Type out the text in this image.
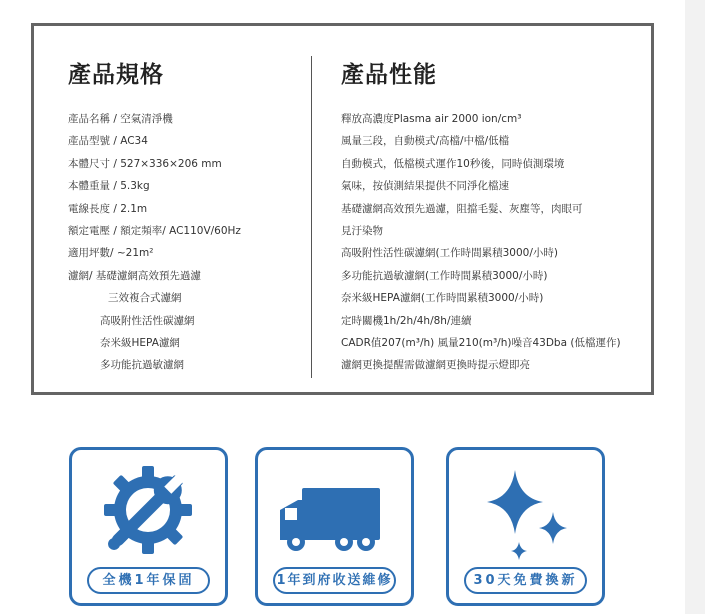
產品規格	產品性能
產品名稱 / 空氣清淨機
產品型號 / AC34
本體尺寸 / 527×336×206 mm
本體重量 / 5.3kg
電線長度 / 2.1m
額定電壓 / 額定頻率/ AC110V/60Hz
適用坪數/ ~21m²
濾網/ 基礎濾網高效預先過濾
三效複合式濾網
高吸附性活性碳濾網
奈米級HEPA濾網
多功能抗過敏濾網
釋放高濃度Plasma air 2000 ion/cm³
風量三段，自動模式/高檔/中檔/低檔
自動模式，低檔模式運作10秒後，同時偵測環境
氣味，按偵測結果提供不同淨化檔速
基礎濾網高效預先過濾，阻擋毛髮、灰塵等，肉眼可
見汙染物
高吸附性活性碳濾網(工作時間累積3000/小時)
多功能抗過敏濾網(工作時間累積3000/小時)
奈米級HEPA濾網(工作時間累積3000/小時)
定時關機1h/2h/4h/8h/連續
CADR值207(m³/h) 風量210(m³/h)噪音43Dba (低檔運作)
濾網更換提醒需做濾網更換時提示燈即亮
全機1年保固	1年到府收送維修	30天免費換新
